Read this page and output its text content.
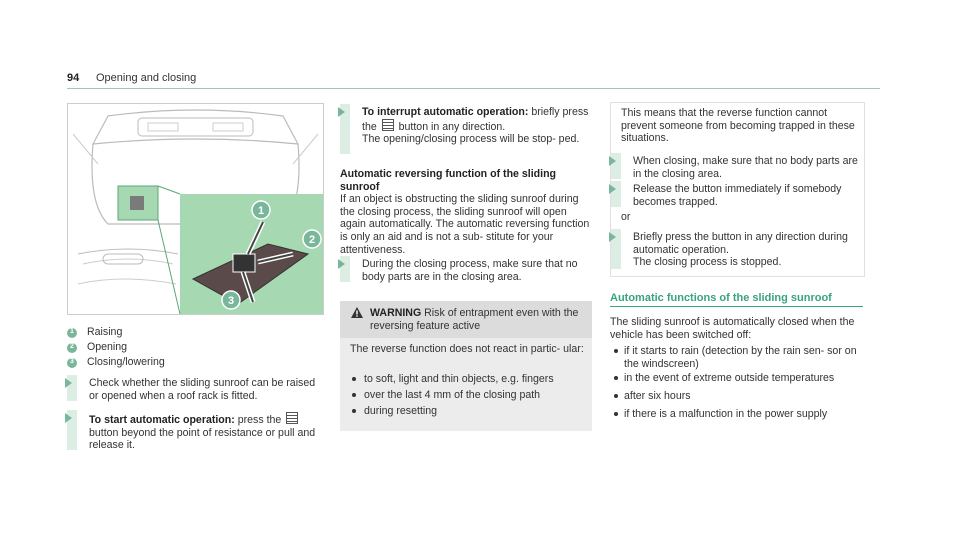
94 Opening and closing
1
2
3
1 Raising
2 Opening
3 Closing/lowering
Check whether the sliding sunroof can be raised or opened when a roof rack is fitted.
To start automatic operation: press the  button beyond the point of resistance or pull and release it.
To interrupt automatic operation: briefly press the button in any direction.
The opening/closing process will be stop- ped.
Automatic reversing function of the sliding sunroof
If an object is obstructing the sliding sunroof during the closing process, the sliding sunroof will open again automatically. The automatic reversing function is only an aid and is not a sub- stitute for your attentiveness.
During the closing process, make sure that no body parts are in the closing area.
WARNING Risk of entrapment even with the reversing feature active
The reverse function does not react in partic- ular:
to soft, light and thin objects, e.g. fingers
over the last 4 mm of the closing path
during resetting
This means that the reverse function cannot prevent someone from becoming trapped in these situations.
When closing, make sure that no body parts are in the closing area.
Release the button immediately if somebody becomes trapped.
or
Briefly press the button in any direction during automatic operation.
The closing process is stopped.
Automatic functions of the sliding sunroof
The sliding sunroof is automatically closed when the vehicle has been switched off:
if it starts to rain (detection by the rain sen- sor on the windscreen)
in the event of extreme outside temperatures
after six hours
if there is a malfunction in the power supply
